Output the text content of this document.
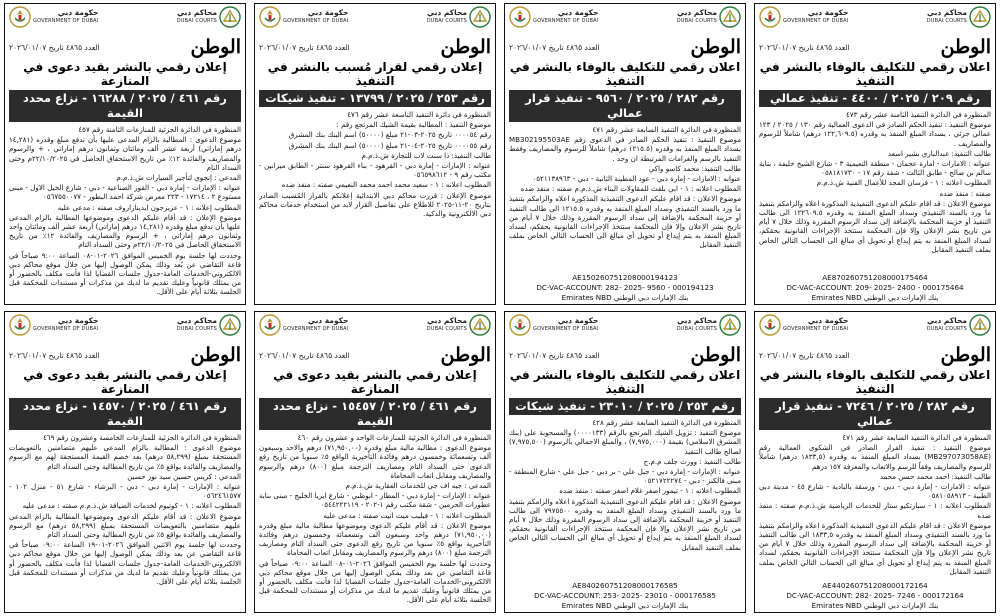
حكومة دبي
GOVERNMENT OF DUBAI
محاكم دبي
DUBAI COURTS
العدد ٤٨٦٥ تاريخ ٢٠٢٦/٠١/٠٧	الوطن
اعلان رقمي للتكليف بالوفاء بالنشر في التنفيذ
رقم ٢٠٩ / ٢٠٢٥ / ٤٤٠٠ - تنفيذ عمالي

المنظورة في الدائرة التنفيذ الثامنة عشر رقم ٤٧٣

موضوع التنفيذ : تنفيذ الحكم الصادر في الدعوى العمالية رقم ١٣٠ / ٢٠٢٥ / ١٢٣ عمالي جزئي ، بسداد المبلغ المنفذ به وقدره (١٢٢,٦٠٩.٥ درهم) شاملاً للرسوم والمصاريف .

طالب التنفيذ: عبدالباري بشير اسعد

عنوانه : الامارات - امارة عجمان - منطقة النعيمية ٣ - شارع الشيخ خليفة ، بناية سالم بن صالح - طابق الثالث - شقة رقم ١٧ - ٠٥٨١٨١٧٣٠

المطلوب اعلانه : ١ - فرسان المجد للأعمال الفنية ش.ذ.م.م

صفته : منفذ ضده

موضوع الاعلان : قد اقام عليكم الدعوى التنفيذية المذكورة اعلاه والزامكم بتنفيذ ما ورد بالسند التنفيذي وسداد المبلغ المنفذ به وقدره ١٢٢٦٠٩.٥ الى طالب التنفيذ أو خزينة المحكمة بالإضافة إلى سداد الرسوم المقررة وذلك خلال ٧ أيام من تاريخ نشر الإعلان وإلا فإن المحكمة ستتخذ الإجراءات القانونية بحقكم، لسداد المبلغ المنفذ به يتم إيداع أو تحويل أي مبالغ الى الحساب التالي الخاص بملف التنفيذ المقابل

AE870260751208000175464
DC-VAC-ACCOUNT: 209- 2025- 2400 - 000175464
بنك الإمارات دبي الوطني Emirates NBD
حكومة دبي
GOVERNMENT OF DUBAI
محاكم دبي
DUBAI COURTS
العدد ٤٨٦٥ تاريخ ٢٠٢٦/٠١/٠٧	الوطن
اعلان رقمي للتكليف بالوفاء بالنشر في التنفيذ
رقم ٢٨٢ / ٢٠٢٥ / ٩٥٦٠ - تنفيذ قرار عمالي

المنظورة في الدائرة التنفيذ السابعة عشر رقم ٤٧١

موضوع التنفيذ : تنفيذ الحكم الصادر في الدعوى رقم MB302195503AE بسداد المبلغ المنفذ به وقدره (١٢١٥.٥ درهم) شاملاً للرسوم والمصاريف وفقط التنفيذ بالرسم والغرامات المرتبطة ان وجد .

طالب التنفيذ: محمد كاسو واكي

عنوانه : الامارات - إمارة دبي - عود المطينة الثانية - دبي - ٠٥٢١١٣٨٩٦٣

المطلوب اعلانه : ١ - ابي بلقث للمقاولات البناء ش.ذ.م.م صفته : منفذ ضده

موضوع الاعلان : قد اقام عليكم الدعوى التنفيذية المذكورة اعلاه والزامكم بتنفيذ ما ورد بالسند التنفيذي وسداد المبلغ المنفذ به وقدره ١٢١٥.٥ الى طالب التنفيذ أو خزينة المحكمة بالإضافة إلى سداد الرسوم المقررة وذلك خلال ٧ أيام من تاريخ نشر الإعلان وإلا فإن المحكمة ستتخذ الإجراءات القانونية بحقكم، لسداد المبلغ المنفذ به يتم إيداع أو تحويل أي مبالغ الى الحساب التالي الخاص بملف التنفيذ المقابل

AE150260751208000194123
DC-VAC-ACCOUNT: 282- 2025- 9560 - 000194123
بنك الإمارات دبي الوطني Emirates NBD
حكومة دبي
GOVERNMENT OF DUBAI
محاكم دبي
DUBAI COURTS
العدد ٤٨٦٥ تاريخ ٢٠٢٦/٠١/٠٧	الوطن
إعلان رقمي لقرار مُسبب بالنشر في التنفيذ
رقم ٢٥٣ / ٢٠٢٥ / ١٣٧٩٩ - تنفيذ شيكات

المنظورة في دائرة التنفيذ التاسعة عشر رقم ٤٧٦

موضوع التنفيذ : المطالبة بقيمة الشيك المرتجع رقم :

رقم ٠٠٠٠٥٤ تاريخ ٢٠٢٥-٠٣-٢١ مبلغ (٥٠٠٠٠) اسم البنك بنك المشرق

رقم ٠٠٠٠٥٥ تاريخ ٢٠٢٥-٠٤-٢١ مبلغ (٥٠٠٠٠) اسم البنك بنك المشرق

طالب التنفيذ: ذا سنت لاب للتجارة ش.ذ.م.م

عنوانه : الإمارات - إمارة دبي - القرهود - بناء القرهود سنتر - الطابق ميزانين - مكتب رقم ٩ - ٠٥٦٥٩٨٦١٢

المطلوب اعلانه : ١ - سعيد محمد احمد محمد النعيمي صفته : منفذ ضده

موضوع الإعلان : قررت محاكم دبي الابتدائية إعلانكم بالقرار المُسبب الصادر بتاريخ ٢٠-١١-٢٠٢٥ للاطلاع على تفاصيل القرار لابد من استخدام خدمات محاكم دبي الالكترونية والذكية.

حكومة دبي
GOVERNMENT OF DUBAI
محاكم دبي
DUBAI COURTS
العدد ٤٨٦٥ تاريخ ٢٠٢٦/٠١/٠٧	الوطن
إعلان رقمي بالنشر بقيد دعوى في المنازعة
رقم ٤٦١ / ٢٠٢٥ / ١٦٢٨٨ - نزاع محدد القيمة

المنظورة في الدائرة الجزئية للمنازعات الثامنة رقم ٤٥٧

موضوع الدعوى : المطالبة بالزام المدعى عليها بأن تدفع مبلغ وقدره (١٤,٢٨١ درهم إماراتي) أربعة عشر ألف ومائتان وثمانون درهم إماراتي ، + والرسوم والمصاريف والفائدة ١٢٪ من تاريخ الاستحقاق الحاصل في ٢٢/١٠/٢٠٢٥م وحتى السداد التام

المدعي : إنجوي لتأجير السيارات ش.ذ.م.م

عنوانه : الإمارات - إمارة دبي - القوز الصناعية - دبي - شارع الخيل الاول - مبنى مستودع ٢ ، ١٧٢١٤ - ٢٢٣ معرض شركة احمد البطور - ٠٥٦٧٥٥٠٠٧٧

المطلوب إعلانه : ١ - عزيزجون ايدينازاروف صفته : مدعى عليه

موضوع الإعلان : قد أقام عليكم الدعوى وموضوعها المطالبة بالزام المدعى عليها بأن تدفع مبلغ وقدره (١٤,٢٨١ درهم إماراتي) أربعة عشر ألف ومائتان واحد وثمانون درهم إماراتي ، + الرسوم والمصاريف والفائدة ١٢٪ من تاريخ الاستحقاق الحاصل في ٢٢/١٠/٢٠٢٥م وحتى السداد التام

وحددت لها جلسة يوم الخميس الموافق ٢٠٢٦-٠١-٠٨ الساعة ٩:٠٠ صباحاً في قاعة التقاضي عن بُعد وذلك يمكن الوصول إليها من خلال موقع محاكم دبي الالكتروني-الخدمات العامة-جدول جلسات القضايا لذا فأنت مكلف بالحضور أو من يمثلك قانونياً وعليك تقديم ما لديك من مذكرات أو مستندات للمحكمة قبل الجلسة بثلاثة أيام على الأقل.

حكومة دبي
GOVERNMENT OF DUBAI
محاكم دبي
DUBAI COURTS
العدد ٤٨٦٥ تاريخ ٢٠٢٦/٠١/٠٧	الوطن
اعلان رقمي للتكليف بالوفاء بالنشر في التنفيذ
رقم ٢٨٢ / ٢٠٢٥ / ٧٢٤٦ - تنفيذ قرار عمالي

المنظورة في الدائرة التنفيذ السابعة عشر رقم ٤٧١

موضوع التنفيذ : تنفيذ القرار الصادر في الشكوى العمالية رقم (MB297073058AE) بسداد المبلغ المنفذ به وقدره (١٨٣٣,٥ درهم) شاملاً للرسوم والمصاريف وفقاً للرسم والاتعاب والمعرفة ١٥٧ درهم

طالب التنفيذ: احمد محمد حسن محمد

عنوانه : الامارات - إمارة دبي - دبي - ورسقة بالبادية - شارع ٤٥ - مدينة دبي الطبية - ٠٥٨١٠٥٨٩١٣

المطلوب اعلانه : ١ - سبارتكيو ستار للخدمات الرياضية ش.ذ.م.م صفته : منفذ ضده

موضوع الاعلان : قد اقام عليكم الدعوى التنفيذية المذكورة اعلاه والزامكم بتنفيذ ما ورد بالسند التنفيذي وسداد المبلغ المنفذ به وقدره ١٨٣٣,٥ الى طالب التنفيذ أو خزينة المحكمة بالإضافة إلى سداد الرسوم المقررة وذلك خلال ٧ أيام من تاريخ نشر الإعلان وإلا فإن المحكمة ستتخذ الإجراءات القانونية بحقكم، لسداد المبلغ المنفذ به يتم إيداع أو تحويل أي مبالغ الى الحساب التالي الخاص بملف التنفيذ المقابل

AE440260751208000172164
DC-VAC-ACCOUNT: 282- 2025- 7246 - 000172164
بنك الإمارات دبي الوطني Emirates NBD
حكومة دبي
GOVERNMENT OF DUBAI
محاكم دبي
DUBAI COURTS
العدد ٤٨٦٥ تاريخ ٢٠٢٦/٠١/٠٧	الوطن
اعلان رقمي للتكليف بالوفاء بالنشر في التنفيذ
رقم ٢٥٣ / ٢٠٢٥ / ٢٣٠١٠ - تنفيذ شيكات

المنظورة في الدائرة التنفيذ السابعة عشر رقم ٤٢٨

موضوع التنفيذ : تزويل الشيك المرتجع بالرقم (٠٠٠٠١٣٣) والمسحوبة على (بنك المشرق الاسلامي) بقيمة (٧,٩٧٥,٠٠٠) ، والمبلغ الاجمالي بالرسوم (٧,٩٧٥,٥٠٠) لصالح طالب التنفيذ

طالب التنفيذ : وورث جلف م.م.ح

عنوانه : الإمارات - إمارة دبي - جبل علي - بر دبي - جبل علي - شارع المنطقة - مبنى فالكنز - دبي - ٠٥٢١٧٢٢٢٧٤

المطلوب اعلانه : ١ - تيمور اصغر غلام اصغر صفته : منفذ ضده

موضوع الاعلان : قد اقام عليكم الدعوى التنفيذية المذكورة اعلاه والزامكم بتنفيذ ما ورد بالسند التنفيذي وسداد المبلغ المنفذ به وقدره ٧٩٧٥٥٠٠ الى طالب التنفيذ أو خزينة المحكمة بالإضافة إلى سداد الرسوم المقررة وذلك خلال ٧ أيام من تاريخ نشر الإعلان وإلا فإن المحكمة ستتخذ الإجراءات القانونية بحقكم، لسداد المبلغ المنفذ به يتم إيداع أو تحويل أي مبالغ الى الحساب التالي الخاص بملف التنفيذ المقابل

AE840260751208000176585
DC-VAC-ACCOUNT: 253- 2025- 23010 - 000176585
بنك الإمارات دبي الوطني Emirates NBD
حكومة دبي
GOVERNMENT OF DUBAI
محاكم دبي
DUBAI COURTS
العدد ٤٨٦٥ تاريخ ٢٠٢٦/٠١/٠٧	الوطن
إعلان رقمي بالنشر بقيد دعوى في المنازعة
رقم ٤٦١ / ٢٠٢٥ / ١٥٤٥٧ - نزاع محدد القيمة

المنظورة في الدائرة الجزئية للمنازعات الواحد و عشرون رقم ٤٦٠

موضوع الدعوى : مطالبة مالية مبلغ وقدره (٧١,٩٥٠,٠٠) درهم والاحد وسبعون ألف وتسعمائة وخمسون درهم وفائدة التأخيرية الواقع ٥٪ سنويا من تاريخ رفع الدعوى حتى السداد التام ومصاريف الترجمة مبلغ (٨٠٠) درهم والرسوم والمصاريف ومقابل اتعاب المحاماة

المدعي : جيه اف جي للخدمات العقارية ش.ذ.م.م

عنوانه : الإمارات - إمارة دبي - المطار - ابوظبي - شارع ايريا الخليج - مبنى بناية عطورات الحرمين - شقة مكتب رقم ١-٢٠٢ - ٠٥٤٤٢٢٢١١٩

المطلوب اعلانه : ١ - فيليب ميت انيت صفته : مدعى عليه

موضوع الاعلان : قد أقام عليكم الدعوى وموضوعها مطالبة مالية مبلغ وقدره (٧١,٩٥٠,٠٠) درهم واحد وسبعون ألف وتسعمائة وخمسون درهم وفائدة التأخيرية بواقع ٥٪ سنويا من تاريخ رفع الدعوى حتى السداد التام ومصاريف الترجمة مبلغ (٨٠٠) درهم والرسوم والمصاريف ومقابل اتعاب المحاماة

وحددت لها جلسة يوم الخميس الموافق ٢٠٢٦-٠١-٠٨ الساعة ٠٩:٠٠ صباحاً في قاعة التقاضي عن بعد وذلك يمكن الوصول إليها من خلال موقع محاكم دبي الالكتروني-الخدمات العامة-جدول جلسات القضايا لذا فأنت مكلف بالحضور أو من يمثلك قانونياً وعليك تقديم ما لديك من مذكرات أو مستندات للمحكمة قبل الجلسة بثلاثة أيام على الأقل.

حكومة دبي
GOVERNMENT OF DUBAI
محاكم دبي
DUBAI COURTS
العدد ٤٨٦٥ تاريخ ٢٠٢٦/٠١/٠٧	الوطن
إعلان رقمي بالنشر بقيد دعوى في المنازعة
رقم ٤٦١ / ٢٠٢٥ / ١٤٥٧٠ - نزاع محدد القيمة

المنظورة في الدائرة الجزئية للمنازعات الخامسة وعشرون رقم ٤٦٩

موضوع الدعوى : المطالبة بالزام المدعى عليهم متضامنين بالتعويضات المستحقة بمبلغ (٥٨,٢٩٩ درهم) بعد خصم القيمة المستحقة لهم مع الرسوم والمصاريف والفائدة بواقع ٥٪ من تاريخ المطالبة وحتى السداد التام

المدعي : كريس حسين سيد نور حسين

عنوانه : الإمارات - إمارة دبي - دبي - البرشاء - شارع ٥١ - منزل ١٠٢ - ٠٥٦٢٤٦١٥٧٧

المطلوب اعلانه : ١ - كوتيوم لخدمات الضيافة ش.ذ.م.م صفته : مدعى عليه

موضوع الاعلان : قد أقام عليكم الدعوى وموضوعها المطالبة بالزام المدعى عليهم متضامنين بالتعويضات المستحقة بمبلغ (٥٨,٢٩٩ درهم) مع الرسوم والمصاريف والفائدة بواقع ٥٪ من تاريخ المطالبة وحتى السداد التام

وحددت لها جلسة يوم الاثنين الموافق ٢٠٢٦-٠١-١٩ الساعة ٠٩:٠٠ صباحاً في قاعة التقاضي عن بعد وذلك يمكن الوصول إليها من خلال موقع محاكم دبي الالكتروني-الخدمات العامة-جدول جلسات القضايا لذا فأنت مكلف بالحضور أو من يمثلك قانونياً وعليك تقديم ما لديك من مذكرات أو مستندات للمحكمة قبل الجلسة بثلاثة أيام على الأقل.
